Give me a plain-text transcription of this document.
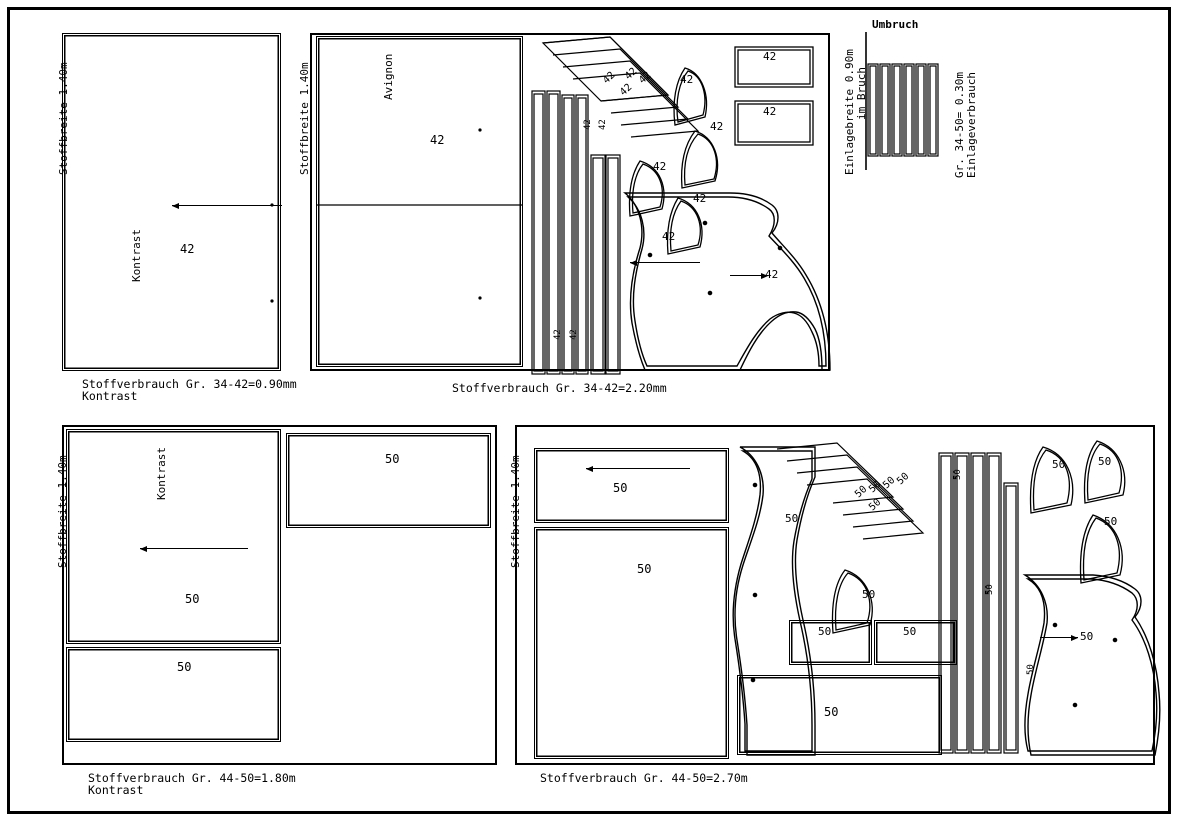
Stoffbreite 1.40m
Kontrast	42
Stoffverbrauch Gr. 34-42=0.90mm
Kontrast
Stoffbreite 1.40m	Avignon
42
42
42
42
42
42
42
42
42
42
42
42
42
42 42
42 42
Stoffverbrauch Gr. 34-42=2.20mm
Umbruch
Einlagebreite 0.90m im Bruch	Einlageverbrauch
Gr. 34-50= 0.30m
Stoffbreite 1.40m	Kontrast
50
50
50
Stoffverbrauch Gr. 44-50=1.80m
Kontrast
Stoffbreite 1.40m	50
50
50	50
50
50
50	50
50
50
50
50
50
50
50
50	50
50
50
Stoffverbrauch Gr. 44-50=2.70m
